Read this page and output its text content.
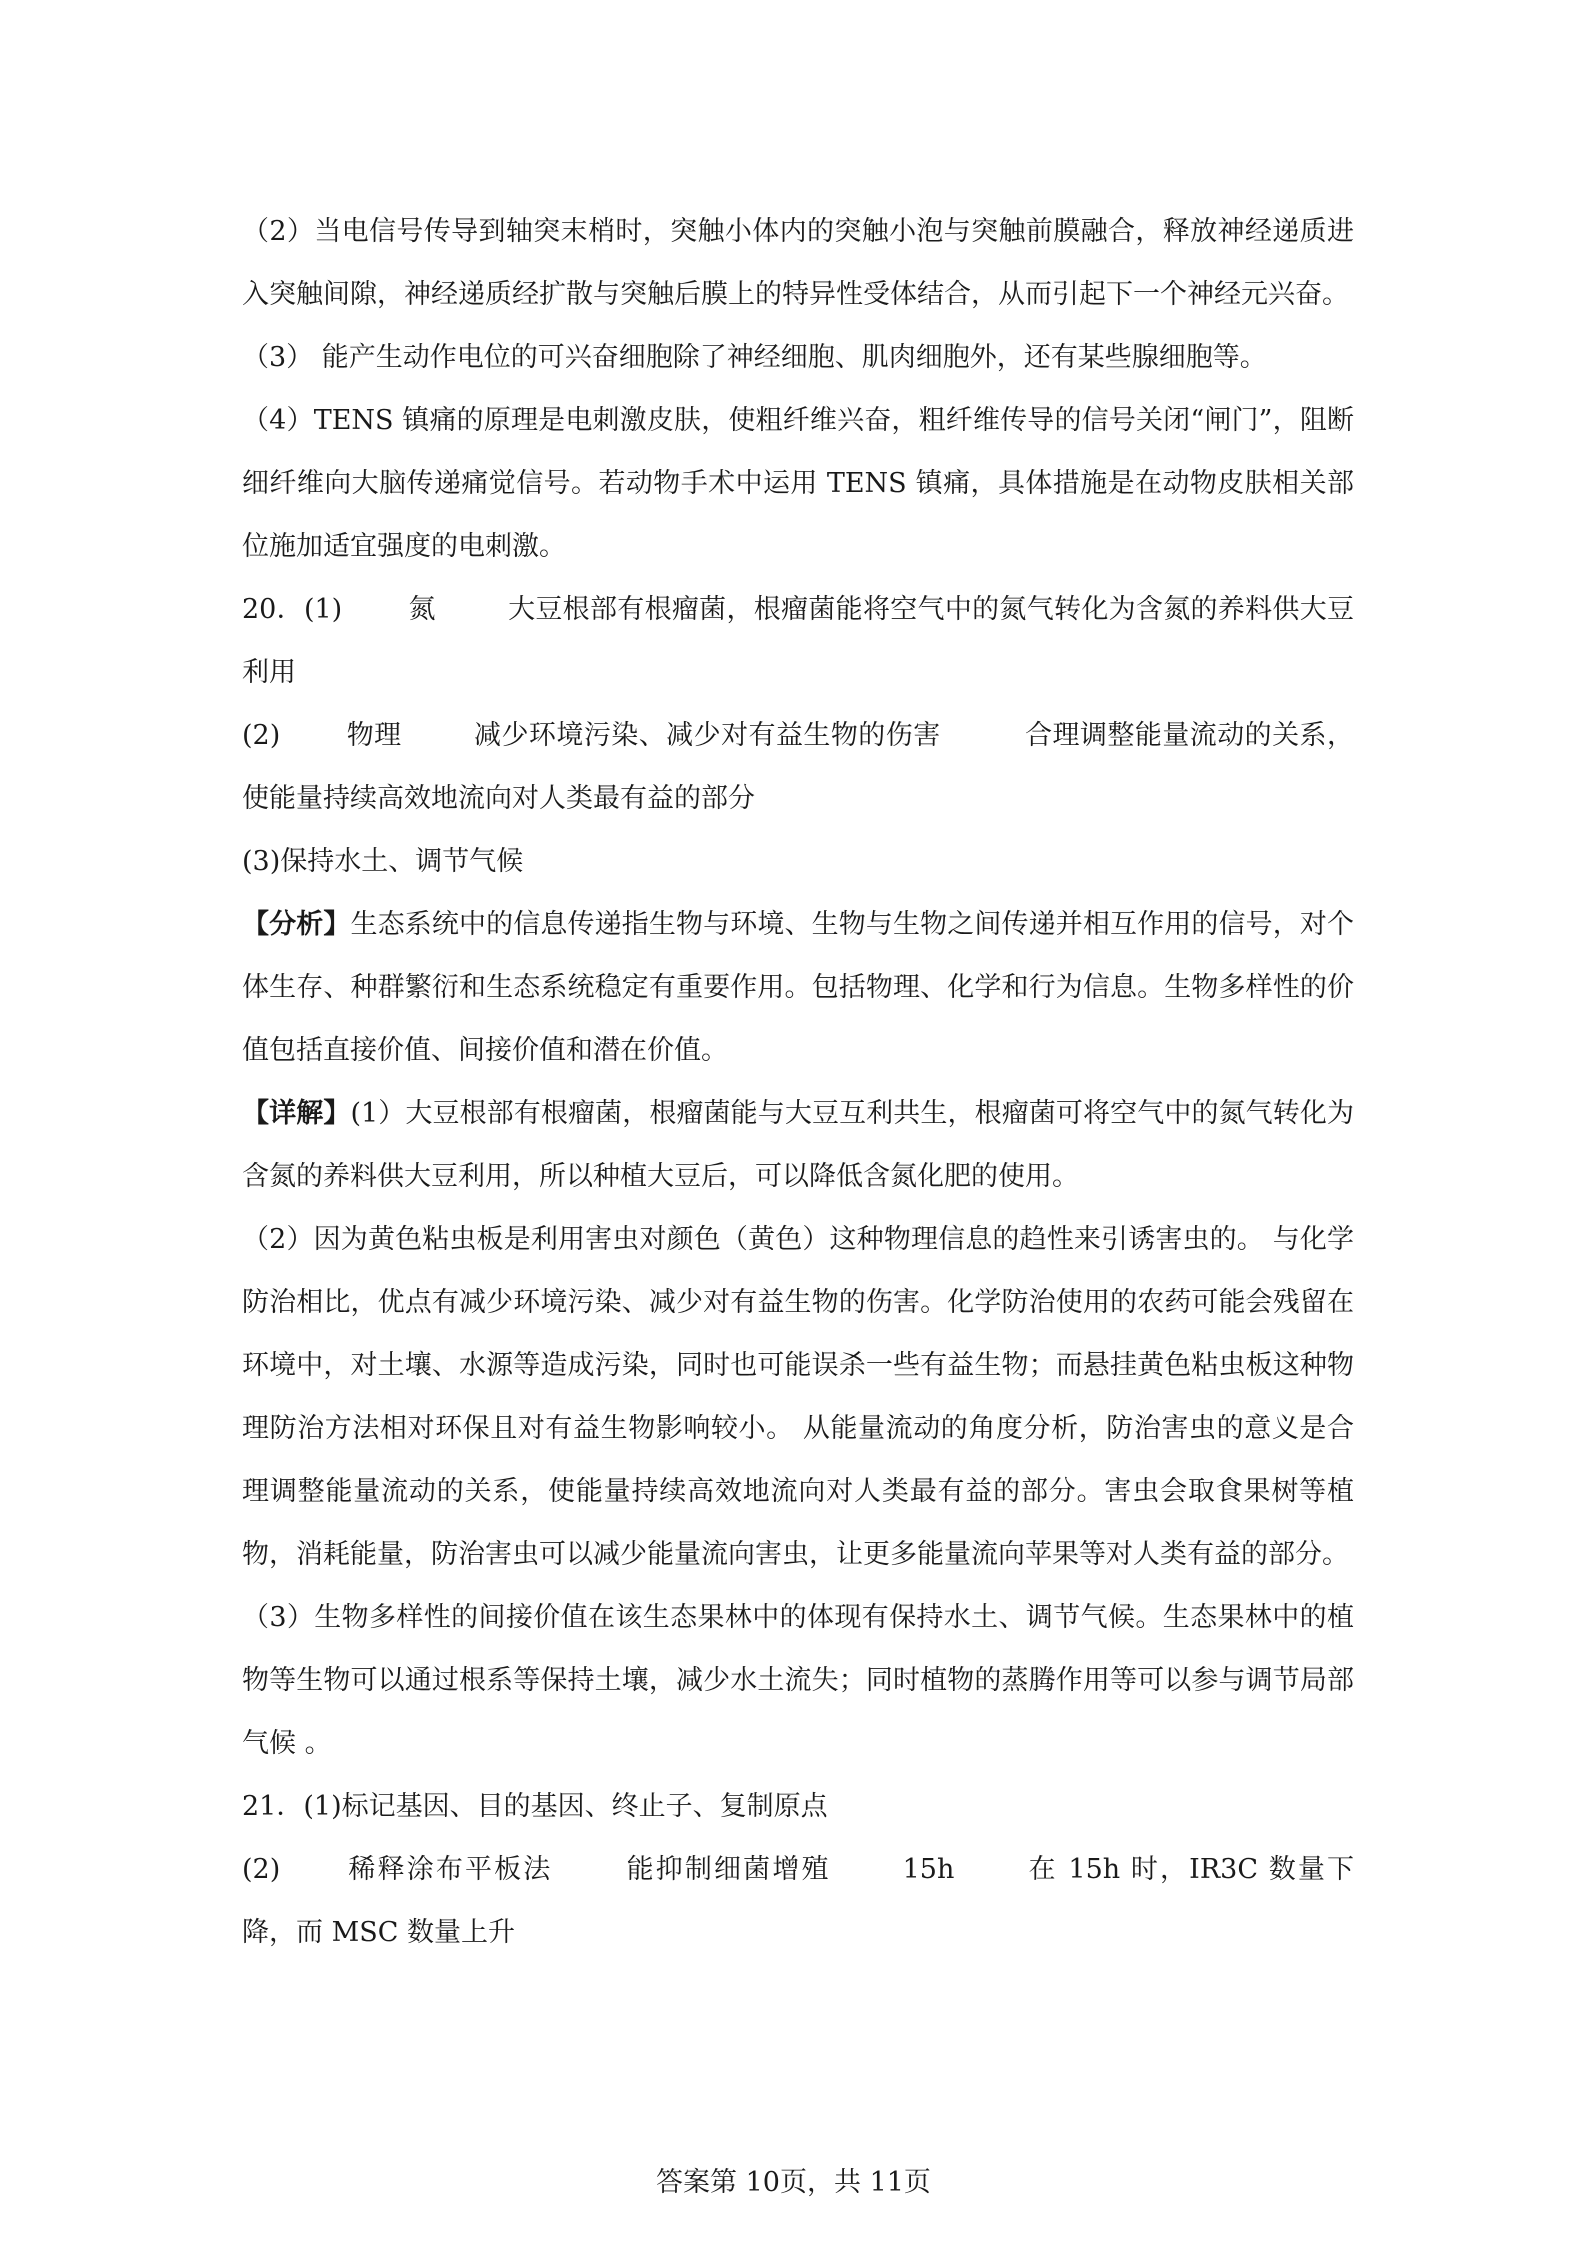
（2）当电信号传导到轴突末梢时，突触小体内的突触小泡与突触前膜融合，释放神经递质进入突触间隙，神经递质经扩散与突触后膜上的特异性受体结合，从而引起下一个神经元兴奋。

（3） 能产生动作电位的可兴奋细胞除了神经细胞、肌肉细胞外，还有某些腺细胞等。

（4）TENS 镇痛的原理是电刺激皮肤，使粗纤维兴奋，粗纤维传导的信号关闭“闸门”，阻断细纤维向大脑传递痛觉信号。若动物手术中运用 TENS 镇痛，具体措施是在动物皮肤相关部位施加适宜强度的电刺激。

20．(1) 氮	大豆根部有根瘤菌，根瘤菌能将空气中的氮气转化为含氮的养料供大豆利用

(2) 物理	减少环境污染、减少对有益生物的伤害	合理调整能量流动的关系，使能量持续高效地流向对人类最有益的部分

(3)保持水土、调节气候

【分析】生态系统中的信息传递指生物与环境、生物与生物之间传递并相互作用的信号，对个体生存、种群繁衍和生态系统稳定有重要作用。包括物理、化学和行为信息。生物多样性的价值包括直接价值、间接价值和潜在价值。

【详解】(1）大豆根部有根瘤菌，根瘤菌能与大豆互利共生，根瘤菌可将空气中的氮气转化为含氮的养料供大豆利用，所以种植大豆后，可以降低含氮化肥的使用。

（2）因为黄色粘虫板是利用害虫对颜色（黄色）这种物理信息的趋性来引诱害虫的。 与化学防治相比，优点有减少环境污染、减少对有益生物的伤害。化学防治使用的农药可能会残留在环境中，对土壤、水源等造成污染，同时也可能误杀一些有益生物；而悬挂黄色粘虫板这种物理防治方法相对环保且对有益生物影响较小。 从能量流动的角度分析，防治害虫的意义是合理调整能量流动的关系，使能量持续高效地流向对人类最有益的部分。害虫会取食果树等植物，消耗能量，防治害虫可以减少能量流向害虫，让更多能量流向苹果等对人类有益的部分。

（3）生物多样性的间接价值在该生态果林中的体现有保持水土、调节气候。生态果林中的植物等生物可以通过根系等保持土壤，减少水土流失；同时植物的蒸腾作用等可以参与调节局部气候 。

21．(1)标记基因、目的基因、终止子、复制原点

(2) 稀释涂布平板法	能抑制细菌增殖	15h	在 15h 时，IR3C 数量下降，而 MSC 数量上升

答案第 10页，共 11页
